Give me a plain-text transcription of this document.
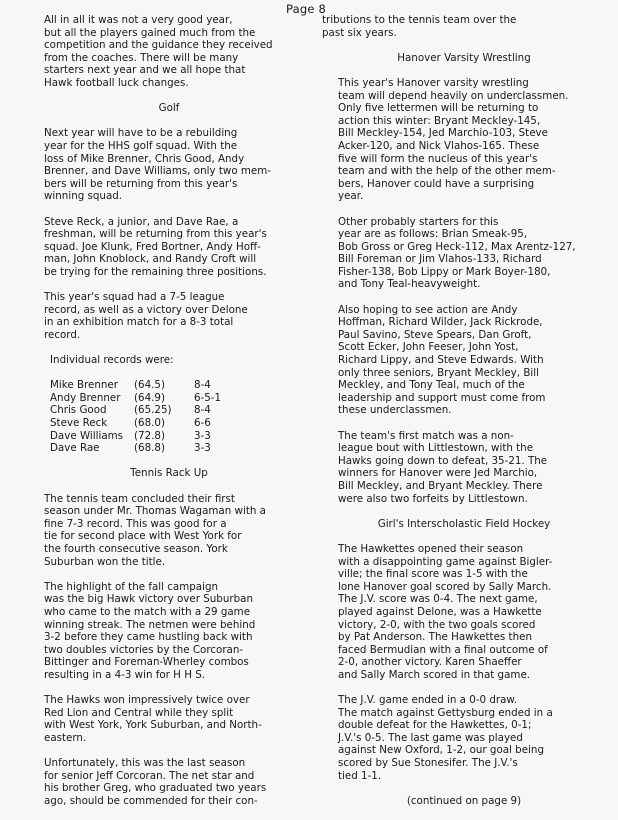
Page 8

All in all it was not a very good year,
but all the players gained much from the
competition and the guidance they received
from the coaches. There will be many
starters next year and we all hope that
Hawk football luck changes.

Golf

Next year will have to be a rebuilding
year for the HHS golf squad. With the
loss of Mike Brenner, Chris Good, Andy
Brenner, and Dave Williams, only two mem-
bers will be returning from this year's
winning squad.

Steve Reck, a junior, and Dave Rae, a
freshman, will be returning from this year's
squad. Joe Klunk, Fred Bortner, Andy Hoff-
man, John Knoblock, and Randy Croft will
be trying for the remaining three positions.

This year's squad had a 7-5 league
record, as well as a victory over Delone
in an exhibition match for a 8-3 total
record.

Individual records were:
Mike Brenner	(64.5)	8-4
Andy Brenner	(64.9)	6-5-1
Chris Good	(65.25)	8-4
Steve Reck	(68.0)	6-6
Dave Williams	(72.8)	3-3
Dave Rae	(68.8)	3-3
Tennis Rack Up

The tennis team concluded their first
season under Mr. Thomas Wagaman with a
fine 7-3 record. This was good for a
tie for second place with West York for
the fourth consecutive season. York
Suburban won the title.

The highlight of the fall campaign
was the big Hawk victory over Suburban
who came to the match with a 29 game
winning streak. The netmen were behind
3-2 before they came hustling back with
two doubles victories by the Corcoran-
Bittinger and Foreman-Wherley combos
resulting in a 4-3 win for H H S.

The Hawks won impressively twice over
Red Lion and Central while they split
with West York, York Suburban, and North-
eastern.

Unfortunately, this was the last season
for senior Jeff Corcoran. The net star and
his brother Greg, who graduated two years
ago, should be commended for their con-

tributions to the tennis team over the
past six years.

Hanover Varsity Wrestling

This year's Hanover varsity wrestling
team will depend heavily on underclassmen.
Only five lettermen will be returning to
action this winter: Bryant Meckley-145,
Bill Meckley-154, Jed Marchio-103, Steve
Acker-120, and Nick Vlahos-165. These
five will form the nucleus of this year's
team and with the help of the other mem-
bers, Hanover could have a surprising
year.

Other probably starters for this
year are as follows: Brian Smeak-95,
Bob Gross or Greg Heck-112, Max Arentz-127,
Bill Foreman or Jim Vlahos-133, Richard
Fisher-138, Bob Lippy or Mark Boyer-180,
and Tony Teal-heavyweight.

Also hoping to see action are Andy
Hoffman, Richard Wilder, Jack Rickrode,
Paul Savino, Steve Spears, Dan Groft,
Scott Ecker, John Feeser, John Yost,
Richard Lippy, and Steve Edwards. With
only three seniors, Bryant Meckley, Bill
Meckley, and Tony Teal, much of the
leadership and support must come from
these underclassmen.

The team's first match was a non-
league bout with Littlestown, with the
Hawks going down to defeat, 35-21. The
winners for Hanover were Jed Marchio,
Bill Meckley, and Bryant Meckley. There
were also two forfeits by Littlestown.

Girl's Interscholastic Field Hockey

The Hawkettes opened their season
with a disappointing game against Bigler-
ville; the final score was 1-5 with the
lone Hanover goal scored by Sally March.
The J.V. score was 0-4. The next game,
played against Delone, was a Hawkette
victory, 2-0, with the two goals scored
by Pat Anderson. The Hawkettes then
faced Bermudian with a final outcome of
2-0, another victory. Karen Shaeffer
and Sally March scored in that game.

The J.V. game ended in a 0-0 draw.
The match against Gettysburg ended in a
double defeat for the Hawkettes, 0-1;
J.V.'s 0-5. The last game was played
against New Oxford, 1-2, our goal being
scored by Sue Stonesifer. The J.V.'s
tied 1-1.

(continued on page 9)
